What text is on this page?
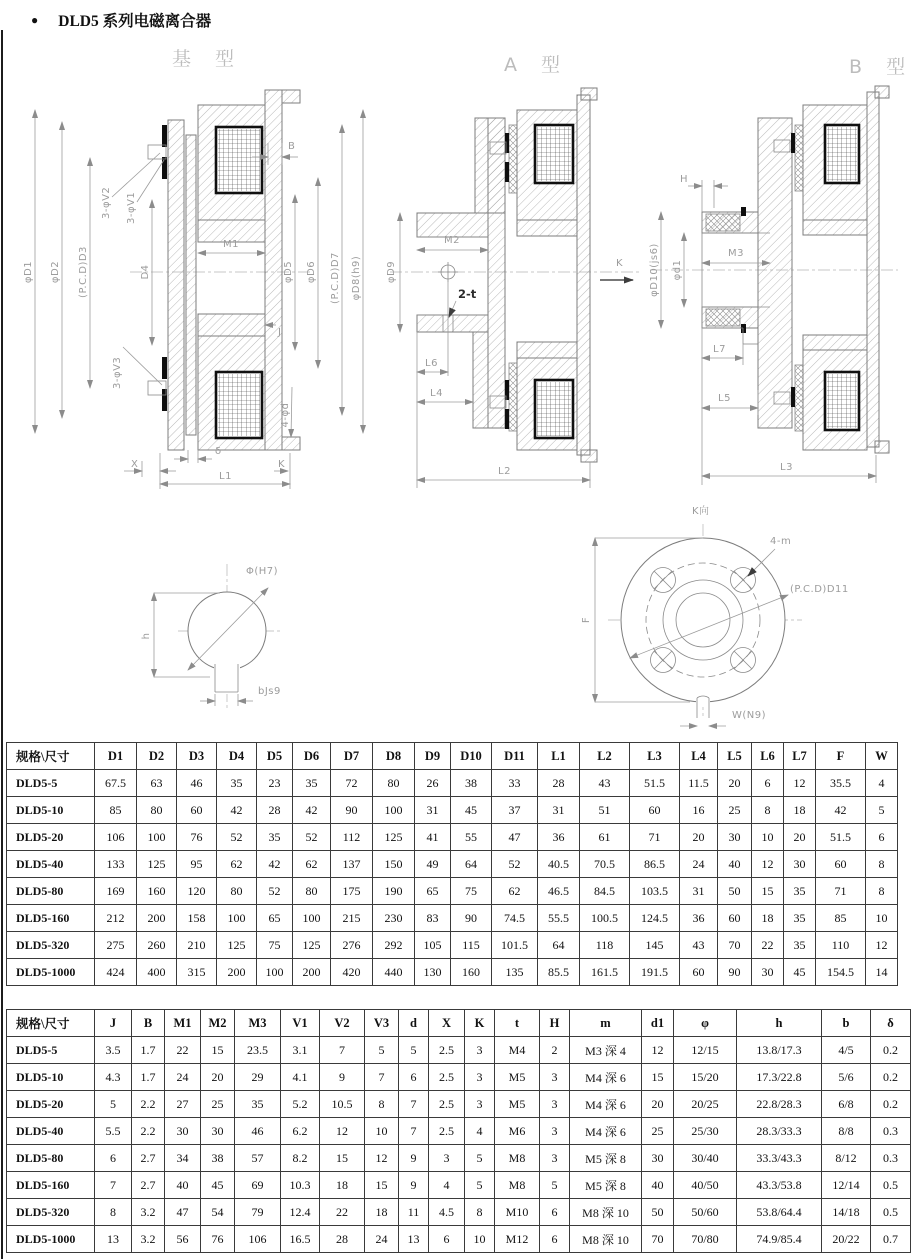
● DLD5 系列电磁离合器
基 型	A 型	B 型
φD1 φD2 (P.C.D)D3	D4
3-φV2 3-φV1
3-φV3
B
M1
J
φD5 φD6 (P.C.D)D7 φD8(h9)
4-φd
δ
X
L1
K
φD9
M2
2-t
L6
L4
L2
K
H
φD10(js6) φd1
M3
L7
L5
L3
h
Φ(H7)
bJs9
K向
4-m
(P.C.D)D11
F
W(N9)
规格\尺寸	D1	D2	D3	D4	D5	D6	D7	D8	D9	D10	D11	L1	L2	L3	L4	L5	L6	L7	F	W
DLD5-5	67.5	63	46	35	23	35	72	80	26	38	33	28	43	51.5	11.5	20	6	12	35.5	4
DLD5-10	85	80	60	42	28	42	90	100	31	45	37	31	51	60	16	25	8	18	42	5
DLD5-20	106	100	76	52	35	52	112	125	41	55	47	36	61	71	20	30	10	20	51.5	6
DLD5-40	133	125	95	62	42	62	137	150	49	64	52	40.5	70.5	86.5	24	40	12	30	60	8
DLD5-80	169	160	120	80	52	80	175	190	65	75	62	46.5	84.5	103.5	31	50	15	35	71	8
DLD5-160	212	200	158	100	65	100	215	230	83	90	74.5	55.5	100.5	124.5	36	60	18	35	85	10
DLD5-320	275	260	210	125	75	125	276	292	105	115	101.5	64	118	145	43	70	22	35	110	12
DLD5-1000	424	400	315	200	100	200	420	440	130	160	135	85.5	161.5	191.5	60	90	30	45	154.5	14
规格\尺寸	J	B	M1	M2	M3	V1	V2	V3	d	X	K	t	H	m	d1	φ	h	b	δ
DLD5-5	3.5	1.7	22	15	23.5	3.1	7	5	5	2.5	3	M4	2	M3 深 4	12	12/15	13.8/17.3	4/5	0.2
DLD5-10	4.3	1.7	24	20	29	4.1	9	7	6	2.5	3	M5	3	M4 深 6	15	15/20	17.3/22.8	5/6	0.2
DLD5-20	5	2.2	27	25	35	5.2	10.5	8	7	2.5	3	M5	3	M4 深 6	20	20/25	22.8/28.3	6/8	0.2
DLD5-40	5.5	2.2	30	30	46	6.2	12	10	7	2.5	4	M6	3	M4 深 6	25	25/30	28.3/33.3	8/8	0.3
DLD5-80	6	2.7	34	38	57	8.2	15	12	9	3	5	M8	3	M5 深 8	30	30/40	33.3/43.3	8/12	0.3
DLD5-160	7	2.7	40	45	69	10.3	18	15	9	4	5	M8	5	M5 深 8	40	40/50	43.3/53.8	12/14	0.5
DLD5-320	8	3.2	47	54	79	12.4	22	18	11	4.5	8	M10	6	M8 深 10	50	50/60	53.8/64.4	14/18	0.5
DLD5-1000	13	3.2	56	76	106	16.5	28	24	13	6	10	M12	6	M8 深 10	70	70/80	74.9/85.4	20/22	0.7
